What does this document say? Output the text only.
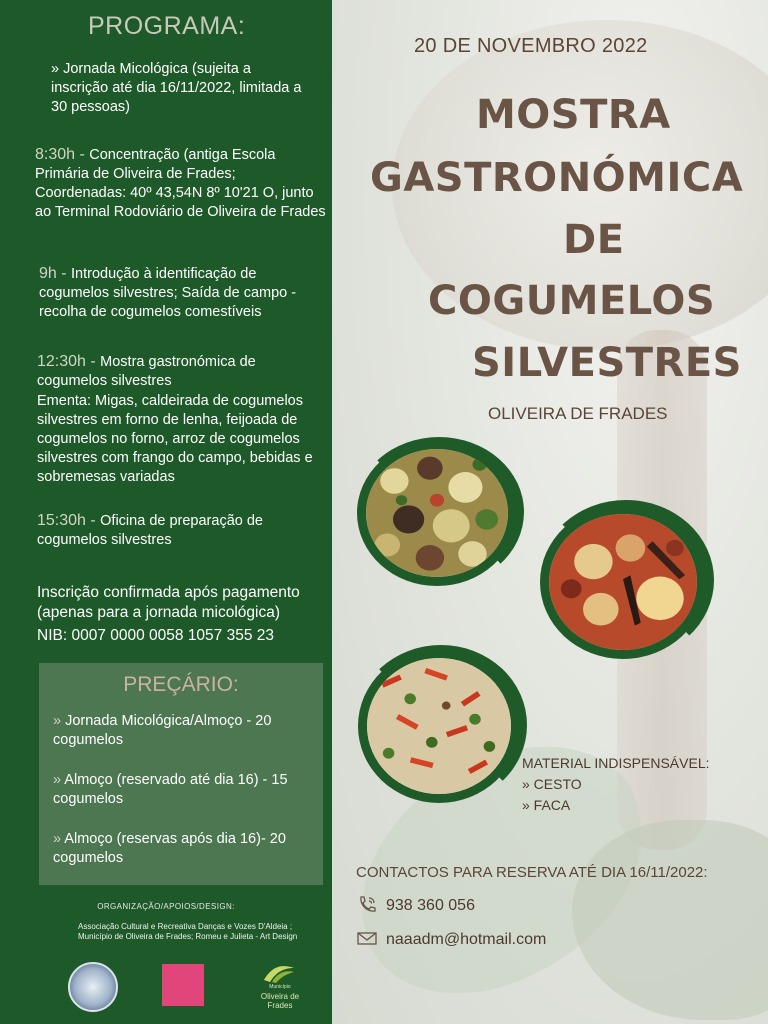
PROGRAMA:
» Jornada Micológica (sujeita a inscrição até dia 16/11/2022, limitada a 30 pessoas)
8:30h - Concentração (antiga Escola Primária de Oliveira de Frades; Coordenadas: 40º 43,54N 8º 10'21 O, junto ao Terminal Rodoviário de Oliveira de Frades
9h - Introdução à identificação de cogumelos silvestres; Saída de campo - recolha de cogumelos comestíveis
12:30h - Mostra gastronómica de cogumelos silvestres
Ementa: Migas, caldeirada de cogumelos silvestres em forno de lenha, feijoada de cogumelos no forno, arroz de cogumelos silvestres com frango do campo, bebidas e sobremesas variadas
15:30h - Oficina de preparação de cogumelos silvestres
Inscrição confirmada após pagamento (apenas para a jornada micológica)
NIB: 0007 0000 0058 1057 355 23
PREÇÁRIO:
» Jornada Micológica/Almoço - 20 cogumelos
» Almoço (reservado até dia 16) - 15 cogumelos
» Almoço (reservas após dia 16)- 20 cogumelos
ORGANIZAÇÃO/APOIOS/DESIGN:
Associação Cultural e Recreativa Danças e Vozes D'Aldeia ; Município de Oliveira de Frades; Romeu e Julieta - Art Design
Município
Oliveira de Frades
20 DE NOVEMBRO 2022
MOSTRA
GASTRONÓMICA
DE
COGUMELOS
SILVESTRES
OLIVEIRA DE FRADES
MATERIAL INDISPENSÁVEL:
» CESTO
» FACA
CONTACTOS PARA RESERVA ATÉ DIA 16/11/2022:
938 360 056
naaadm@hotmail.com
